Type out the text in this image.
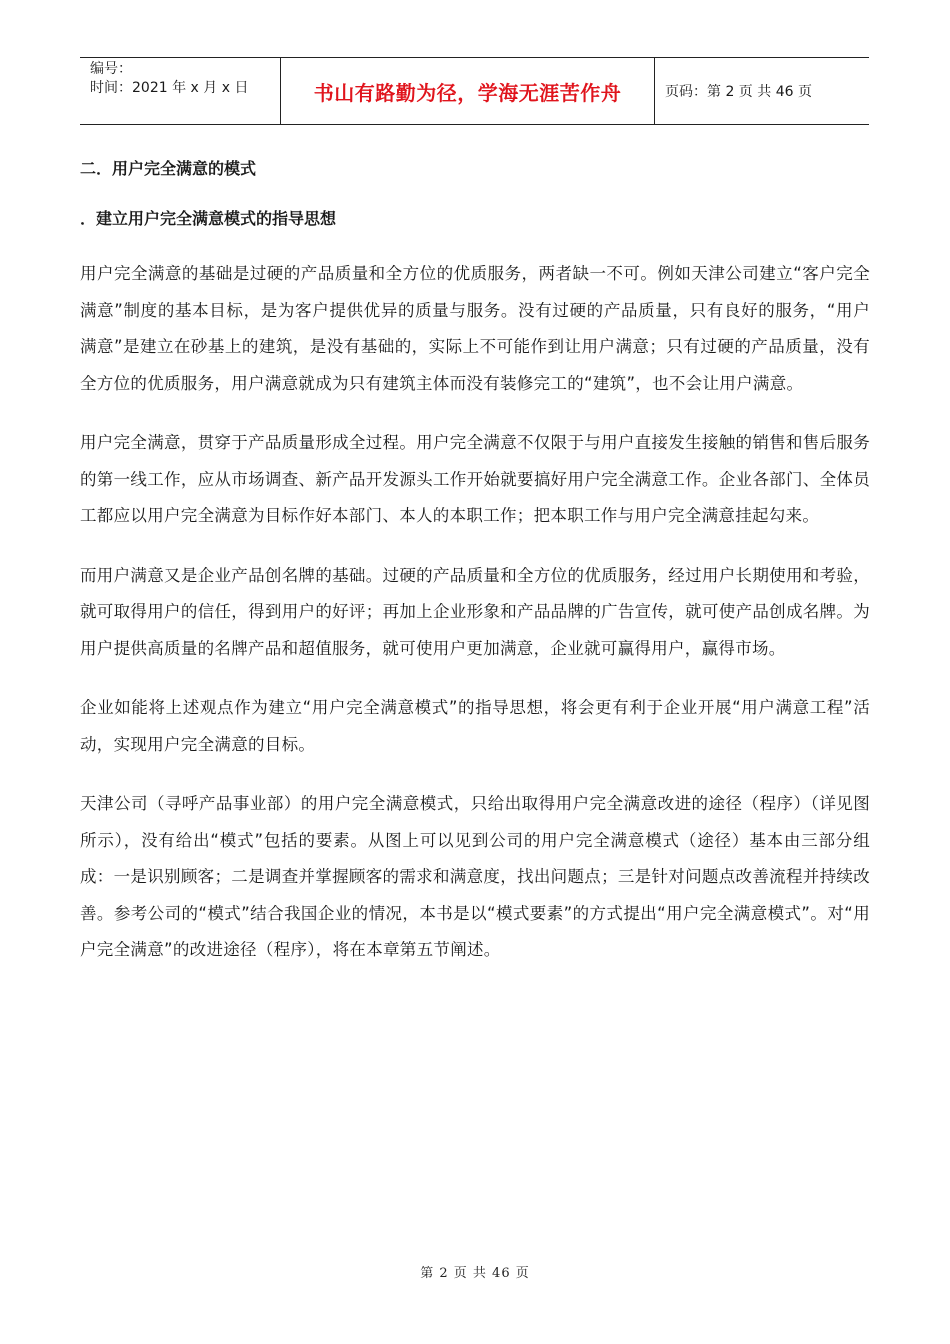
编号：
时间：2021 年 x 月 x 日	书山有路勤为径，学海无涯苦作舟	页码：第 2 页 共 46 页

二．用户完全满意的模式

．建立用户完全满意模式的指导思想

用户完全满意的基础是过硬的产品质量和全方位的优质服务，两者缺一不可。例如天津公司建立“客户完全满意”制度的基本目标，是为客户提供优异的质量与服务。没有过硬的产品质量，只有良好的服务，“用户满意”是建立在砂基上的建筑，是没有基础的，实际上不可能作到让用户满意；只有过硬的产品质量，没有全方位的优质服务，用户满意就成为只有建筑主体而没有装修完工的“建筑”，也不会让用户满意。

用户完全满意，贯穿于产品质量形成全过程。用户完全满意不仅限于与用户直接发生接触的销售和售后服务的第一线工作，应从市场调查、新产品开发源头工作开始就要搞好用户完全满意工作。企业各部门、全体员工都应以用户完全满意为目标作好本部门、本人的本职工作；把本职工作与用户完全满意挂起勾来。

而用户满意又是企业产品创名牌的基础。过硬的产品质量和全方位的优质服务，经过用户长期使用和考验，就可取得用户的信任，得到用户的好评；再加上企业形象和产品品牌的广告宣传，就可使产品创成名牌。为用户提供高质量的名牌产品和超值服务，就可使用户更加满意，企业就可赢得用户，赢得市场。

企业如能将上述观点作为建立“用户完全满意模式”的指导思想，将会更有利于企业开展“用户满意工程”活动，实现用户完全满意的目标。

天津公司（寻呼产品事业部）的用户完全满意模式，只给出取得用户完全满意改进的途径（程序）（详见图所示），没有给出“模式”包括的要素。从图上可以见到公司的用户完全满意模式（途径）基本由三部分组成：一是识别顾客；二是调查并掌握顾客的需求和满意度，找出问题点；三是针对问题点改善流程并持续改善。参考公司的“模式”结合我国企业的情况，本书是以“模式要素”的方式提出“用户完全满意模式”。对“用户完全满意”的改进途径（程序），将在本章第五节阐述。

第 2 页 共 46 页
